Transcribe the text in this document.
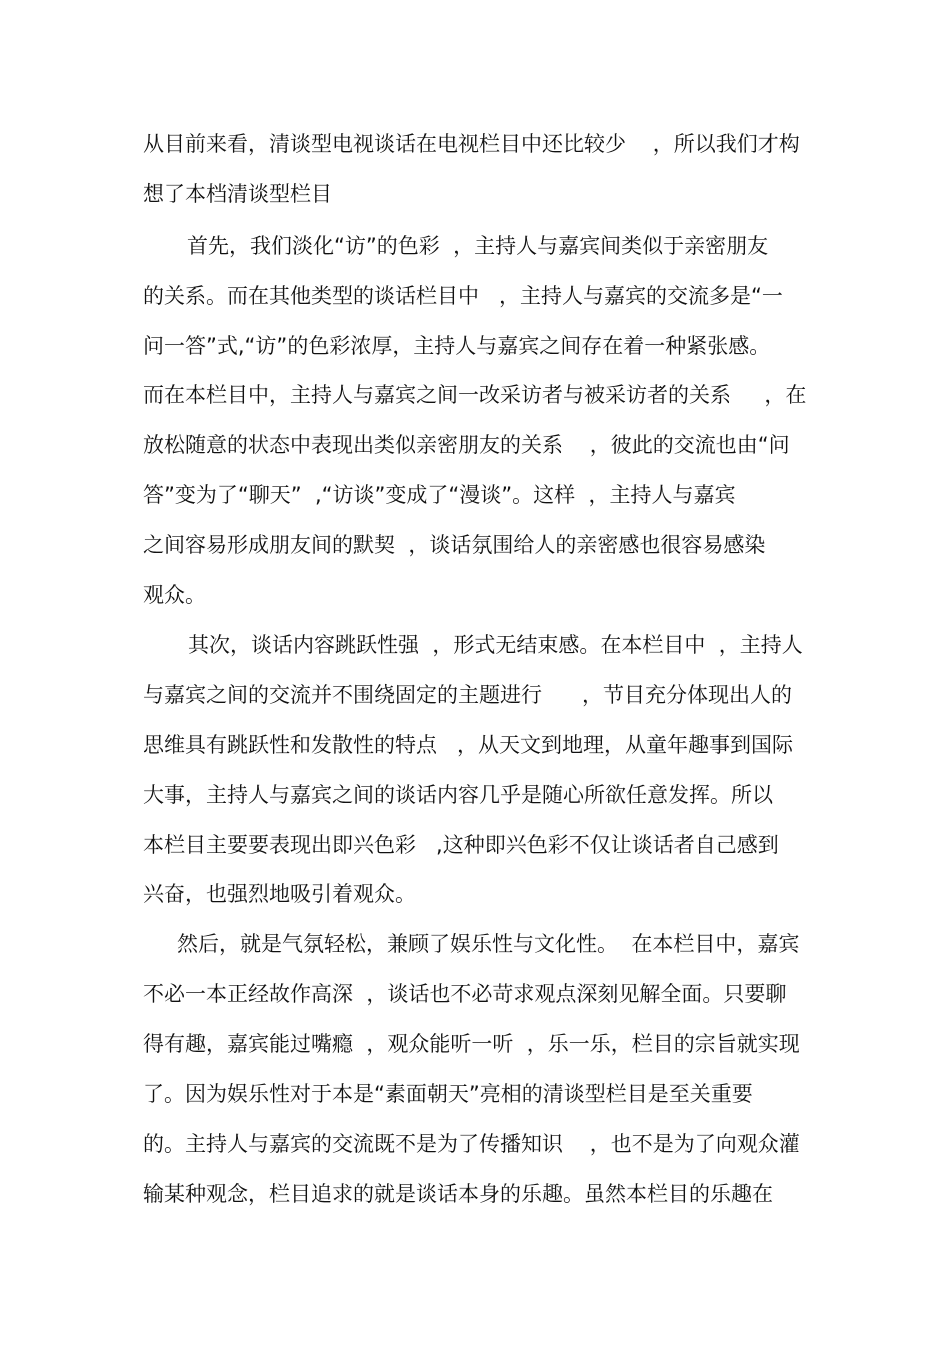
从目前来看，清谈型电视谈话在电视栏目中还比较少    ，所以我们才构
想了本档清谈型栏目
首先，我们淡化“访”的色彩  ，主持人与嘉宾间类似于亲密朋友
的关系。而在其他类型的谈话栏目中   ，主持人与嘉宾的交流多是“一
问一答”式,“访”的色彩浓厚，主持人与嘉宾之间存在着一种紧张感。
而在本栏目中，主持人与嘉宾之间一改采访者与被采访者的关系     ，在
放松随意的状态中表现出类似亲密朋友的关系    ，彼此的交流也由“问
答”变为了“聊天”  ,“访谈”变成了“漫谈”。这样  ，主持人与嘉宾
之间容易形成朋友间的默契  ，谈话氛围给人的亲密感也很容易感染
观众。
其次，谈话内容跳跃性强  ，形式无结束感。在本栏目中  ，主持人
与嘉宾之间的交流并不围绕固定的主题进行      ，节目充分体现出人的
思维具有跳跃性和发散性的特点   ，从天文到地理，从童年趣事到国际
大事，主持人与嘉宾之间的谈话内容几乎是随心所欲任意发挥。所以
本栏目主要要表现出即兴色彩   ,这种即兴色彩不仅让谈话者自己感到
兴奋，也强烈地吸引着观众。
然后，就是气氛轻松，兼顾了娱乐性与文化性。  在本栏目中，嘉宾
不必一本正经故作高深  ，谈话也不必苛求观点深刻见解全面。只要聊
得有趣，嘉宾能过嘴瘾  ，观众能听一听  ，乐一乐，栏目的宗旨就实现
了。因为娱乐性对于本是“素面朝天”亮相的清谈型栏目是至关重要
的。主持人与嘉宾的交流既不是为了传播知识    ，也不是为了向观众灌
输某种观念，栏目追求的就是谈话本身的乐趣。虽然本栏目的乐趣在
